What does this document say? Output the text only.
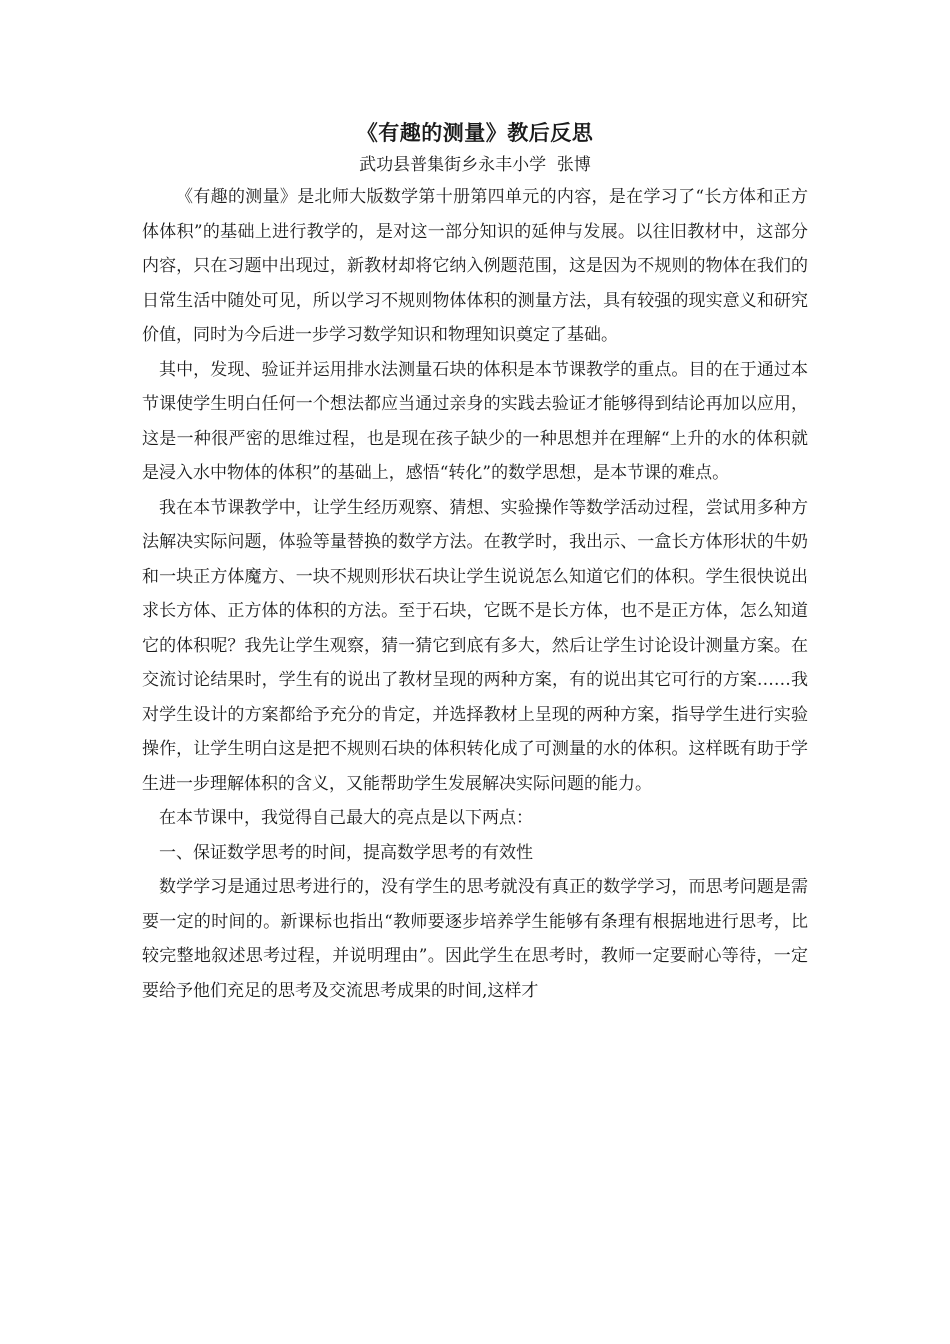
《有趣的测量》教后反思
武功县普集街乡永丰小学  张博

《有趣的测量》是北师大版数学第十册第四单元的内容，是在学习了“长方体和正方体体积”的基础上进行教学的，是对这一部分知识的延伸与发展。以往旧教材中，这部分内容，只在习题中出现过，新教材却将它纳入例题范围，这是因为不规则的物体在我们的日常生活中随处可见，所以学习不规则物体体积的测量方法，具有较强的现实意义和研究价值，同时为今后进一步学习数学知识和物理知识奠定了基础。

其中，发现、验证并运用排水法测量石块的体积是本节课教学的重点。目的在于通过本节课使学生明白任何一个想法都应当通过亲身的实践去验证才能够得到结论再加以应用，这是一种很严密的思维过程，也是现在孩子缺少的一种思想并在理解“上升的水的体积就是浸入水中物体的体积”的基础上，感悟“转化”的数学思想，是本节课的难点。

我在本节课教学中，让学生经历观察、猜想、实验操作等数学活动过程，尝试用多种方法解决实际问题，体验等量替换的数学方法。在教学时，我出示、一盒长方体形状的牛奶和一块正方体魔方、一块不规则形状石块让学生说说怎么知道它们的体积。学生很快说出求长方体、正方体的体积的方法。至于石块，它既不是长方体，也不是正方体，怎么知道它的体积呢？我先让学生观察，猜一猜它到底有多大，然后让学生讨论设计测量方案。在交流讨论结果时，学生有的说出了教材呈现的两种方案，有的说出其它可行的方案……我对学生设计的方案都给予充分的肯定，并选择教材上呈现的两种方案，指导学生进行实验操作，让学生明白这是把不规则石块的体积转化成了可测量的水的体积。这样既有助于学生进一步理解体积的含义，又能帮助学生发展解决实际问题的能力。

在本节课中，我觉得自己最大的亮点是以下两点：

一、保证数学思考的时间，提高数学思考的有效性

数学学习是通过思考进行的，没有学生的思考就没有真正的数学学习，而思考问题是需要一定的时间的。新课标也指出“教师要逐步培养学生能够有条理有根据地进行思考，比较完整地叙述思考过程，并说明理由”。因此学生在思考时，教师一定要耐心等待，一定要给予他们充足的思考及交流思考成果的时间,这样才
